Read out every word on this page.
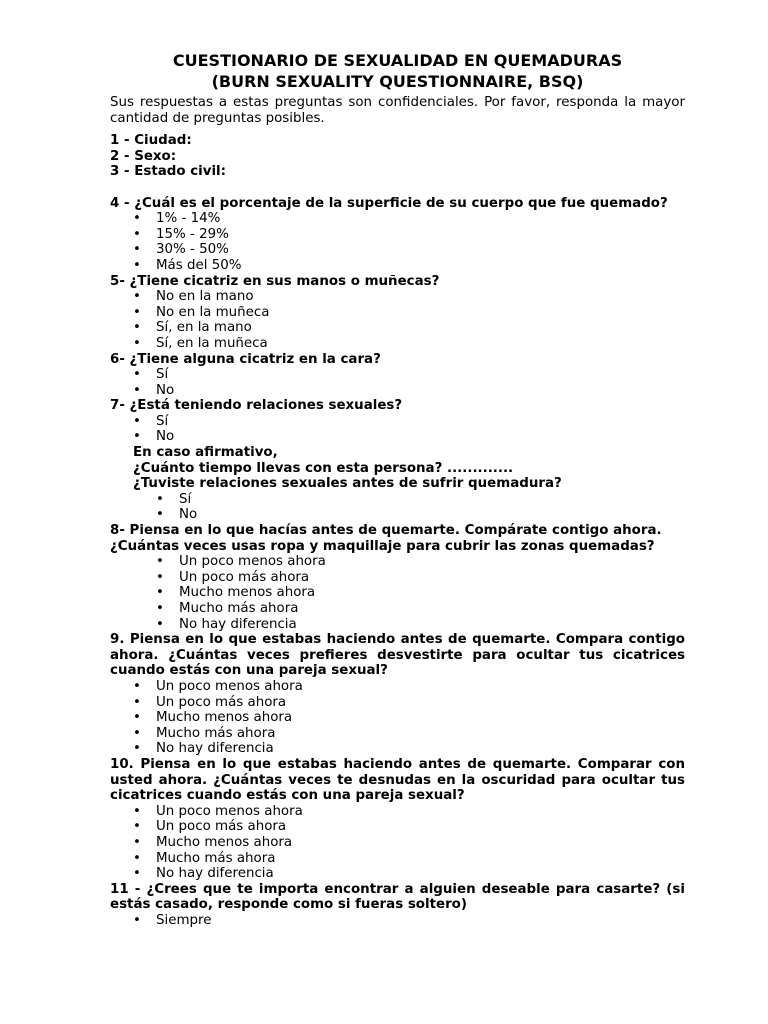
CUESTIONARIO DE SEXUALIDAD EN QUEMADURAS
(BURN SEXUALITY QUESTIONNAIRE, BSQ)

Sus respuestas a estas preguntas son confidenciales. Por favor, responda la mayor cantidad de preguntas posibles.

1 - Ciudad:

2 - Sexo:

3 - Estado civil:

4 - ¿Cuál es el porcentaje de la superficie de su cuerpo que fue quemado?

• 1% - 14%
• 15% - 29%
• 30% - 50%
• Más del 50%

5- ¿Tiene cicatriz en sus manos o muñecas?

• No en la mano
• No en la muñeca
• Sí, en la mano
• Sí, en la muñeca

6- ¿Tiene alguna cicatriz en la cara?

• Sí
• No

7- ¿Está teniendo relaciones sexuales?

• Sí
• No

En caso afirmativo,

¿Cuánto tiempo llevas con esta persona? .............

¿Tuviste relaciones sexuales antes de sufrir quemadura?

• Sí
• No

8- Piensa en lo que hacías antes de quemarte. Compárate contigo ahora.

¿Cuántas veces usas ropa y maquillaje para cubrir las zonas quemadas?

• Un poco menos ahora
• Un poco más ahora
• Mucho menos ahora
• Mucho más ahora
• No hay diferencia

9. Piensa en lo que estabas haciendo antes de quemarte. Compara contigo ahora. ¿Cuántas veces prefieres desvestirte para ocultar tus cicatrices cuando estás con una pareja sexual?

• Un poco menos ahora
• Un poco más ahora
• Mucho menos ahora
• Mucho más ahora
• No hay diferencia

10. Piensa en lo que estabas haciendo antes de quemarte. Comparar con usted ahora. ¿Cuántas veces te desnudas en la oscuridad para ocultar tus cicatrices cuando estás con una pareja sexual?

• Un poco menos ahora
• Un poco más ahora
• Mucho menos ahora
• Mucho más ahora
• No hay diferencia

11 - ¿Crees que te importa encontrar a alguien deseable para casarte? (si estás casado, responde como si fueras soltero)

• Siempre
